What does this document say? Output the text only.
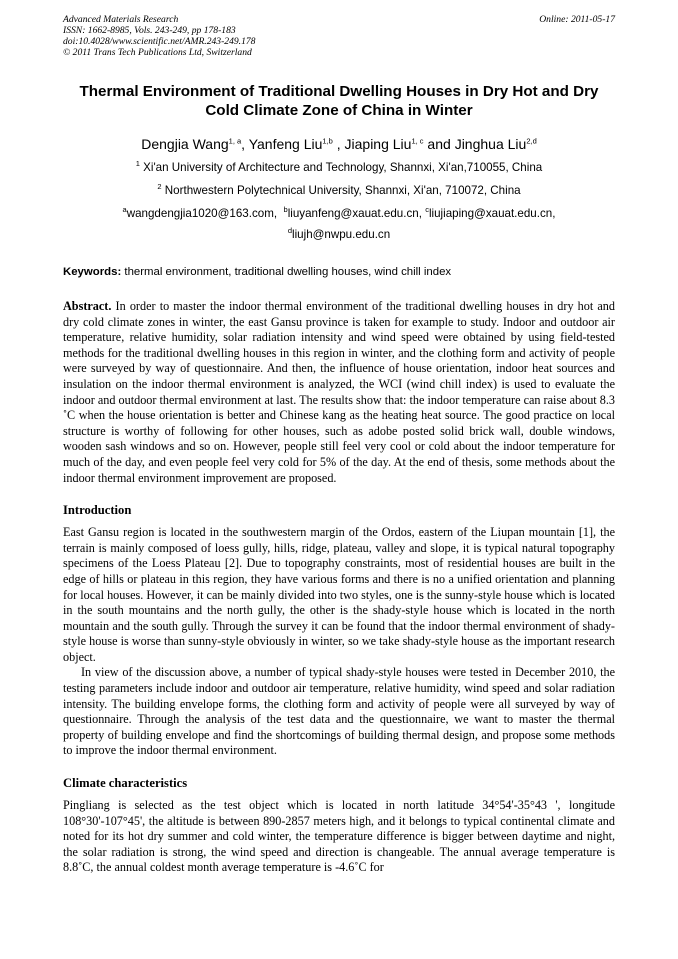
Advanced Materials Research
ISSN: 1662-8985, Vols. 243-249, pp 178-183
doi:10.4028/www.scientific.net/AMR.243-249.178
© 2011 Trans Tech Publications Ltd, Switzerland
Online: 2011-05-17
Thermal Environment of Traditional Dwelling Houses in Dry Hot and Dry Cold Climate Zone of China in Winter
Dengjia Wang$^{1, a}$, Yanfeng Liu$^{1,b}$ , Jiaping Liu$^{1, c}$ and Jinghua Liu$^{2,d}$
$^1$ Xi'an University of Architecture and Technology, Shannxi, Xi'an,710055, China
$^2$ Northwestern Polytechnical University, Shannxi, Xi'an, 710072, China
$^a$wangdengjia1020@163.com, $^b$liuyanfeng@xauat.edu.cn, $^c$liujiaping@xauat.edu.cn,
$^d$liujh@nwpu.edu.cn
Keywords: thermal environment, traditional dwelling houses, wind chill index

Abstract. In order to master the indoor thermal environment of the traditional dwelling houses in dry hot and dry cold climate zones in winter, the east Gansu province is taken for example to study. Indoor and outdoor air temperature, relative humidity, solar radiation intensity and wind speed were obtained by using field-tested methods for the traditional dwelling houses in this region in winter, and the clothing form and activity of people were surveyed by way of questionnaire. And then, the influence of house orientation, indoor heat sources and insulation on the indoor thermal environment is analyzed, the WCI (wind chill index) is used to evaluate the indoor and outdoor thermal environment at last. The results show that: the indoor temperature can raise about 8.3 ˚C when the house orientation is better and Chinese kang as the heating heat source. The good practice on local structure is worthy of following for other houses, such as adobe posted solid brick wall, double windows, wooden sash windows and so on. However, people still feel very cool or cold about the indoor temperature for much of the day, and even people feel very cold for 5% of the day. At the end of thesis, some methods about the indoor thermal environment improvement are proposed.

Introduction

East Gansu region is located in the southwestern margin of the Ordos, eastern of the Liupan mountain [1], the terrain is mainly composed of loess gully, hills, ridge, plateau, valley and slope, it is typical natural topography specimens of the Loess Plateau [2]. Due to topography constraints, most of residential houses are built in the edge of hills or plateau in this region, they have various forms and there is no a unified orientation and planning for local houses. However, it can be mainly divided into two styles, one is the sunny-style house which is located in the south mountains and the north gully, the other is the shady-style house which is located in the north mountain and the south gully. Through the survey it can be found that the indoor thermal environment of shady-style house is worse than sunny-style obviously in winter, so we take shady-style house as the important research object.

In view of the discussion above, a number of typical shady-style houses were tested in December 2010, the testing parameters include indoor and outdoor air temperature, relative humidity, wind speed and solar radiation intensity. The building envelope forms, the clothing form and activity of people were all surveyed by way of questionnaire. Through the analysis of the test data and the questionnaire, we want to master the thermal property of building envelope and find the shortcomings of building thermal design, and propose some methods to improve the indoor thermal environment.

Climate characteristics

Pingliang is selected as the test object which is located in north latitude 34°54'-35°43 ', longitude 108°30'-107°45', the altitude is between 890-2857 meters high, and it belongs to typical continental climate and noted for its hot dry summer and cold winter, the temperature difference is bigger between daytime and night, the solar radiation is strong, the wind speed and direction is changeable. The annual average temperature is 8.8˚C, the annual coldest month average temperature is -4.6˚C for
